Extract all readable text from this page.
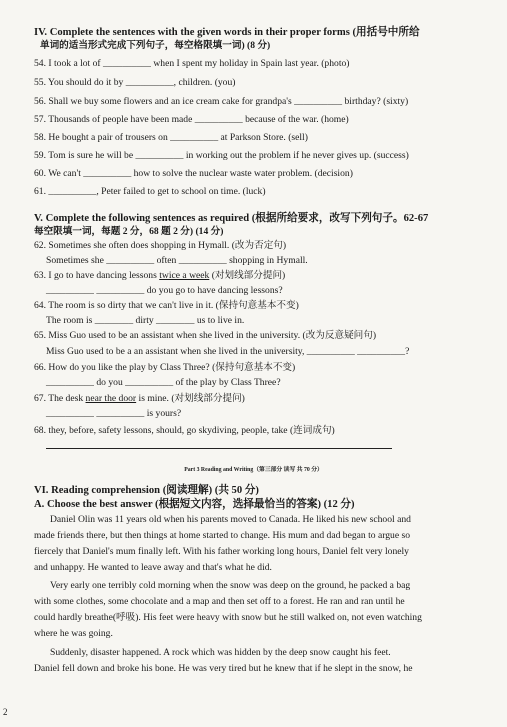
IV. Complete the sentences with the given words in their proper forms (用括号中所给
单词的适当形式完成下列句子，每空格限填一词) (8 分)
54. I took a lot of __________ when I spent my holiday in Spain last year. (photo)
55. You should do it by __________, children. (you)
56. Shall we buy some flowers and an ice cream cake for grandpa's __________ birthday? (sixty)
57. Thousands of people have been made __________ because of the war. (home)
58. He bought a pair of trousers on __________ at Parkson Store. (sell)
59. Tom is sure he will be __________ in working out the problem if he never gives up. (success)
60. We can't __________ how to solve the nuclear waste water problem. (decision)
61. __________, Peter failed to get to school on time. (luck)
V. Complete the following sentences as required (根据所给要求，改写下列句子。62-67
每空限填一词，每题 2 分，68 题 2 分) (14 分)
62. Sometimes she often does shopping in Hymall. (改为否定句)
Sometimes she __________ often __________ shopping in Hymall.
63. I go to have dancing lessons twice a week (对划线部分提问)
__________ __________ do you go to have dancing lessons?
64. The room is so dirty that we can't live in it. (保持句意基本不变)
The room is ________ dirty ________ us to live in.
65. Miss Guo used to be an assistant when she lived in the university. (改为反意疑问句)
Miss Guo used to be a an assistant when she lived in the university, __________ __________?
66. How do you like the play by Class Three? (保持句意基本不变)
__________ do you __________ of the play by Class Three?
67. The desk near the door is mine. (对划线部分提问)
__________ __________ is yours?
68. they, before, safety lessons, should, go skydiving, people, take (连词成句)
Part 3 Reading and Writing（第三部分 读写 共 70 分）
VI. Reading comprehension (阅读理解) (共 50 分)
A. Choose the best answer (根据短文内容，选择最恰当的答案) (12 分)
Daniel Olin was 11 years old when his parents moved to Canada. He liked his new school and
made friends there, but then things at home started to change. His mum and dad began to argue so
fiercely that Daniel's mum finally left. With his father working long hours, Daniel felt very lonely
and unhappy. He wanted to leave away and that's what he did.
Very early one terribly cold morning when the snow was deep on the ground, he packed a bag
with some clothes, some chocolate and a map and then set off to a forest. He ran and ran until he
could hardly breathe(呼吸). His feet were heavy with snow but he still walked on, not even watching
where he was going.
Suddenly, disaster happened. A rock which was hidden by the deep snow caught his feet.
Daniel fell down and broke his bone. He was very tired but he knew that if he slept in the snow, he
2
